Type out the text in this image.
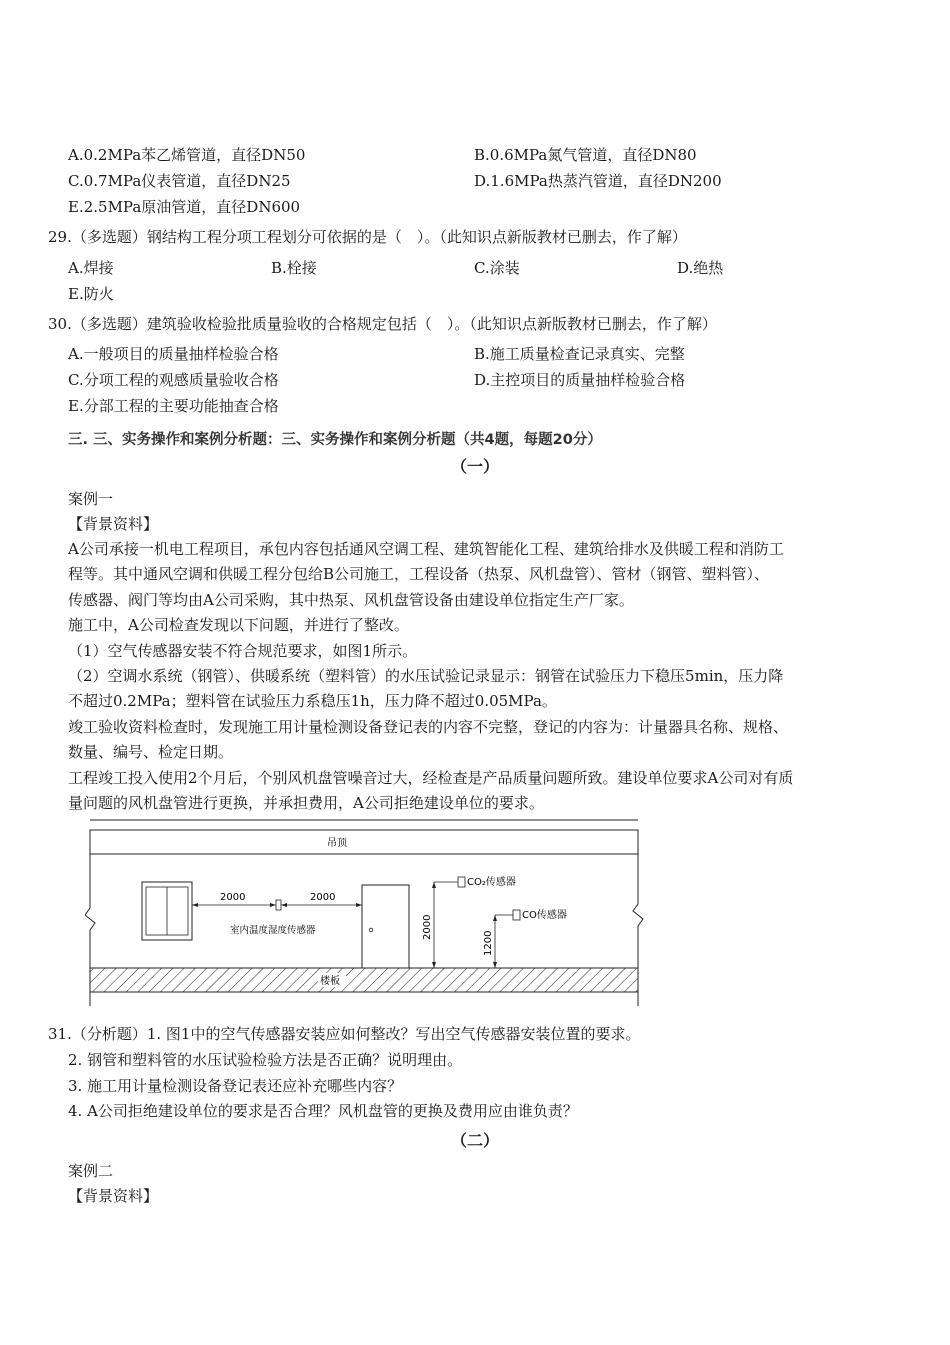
A.0.2MPa苯乙烯管道，直径DN50	B.0.6MPa氮气管道，直径DN80
C.0.7MPa仪表管道，直径DN25	D.1.6MPa热蒸汽管道，直径DN200
E.2.5MPa原油管道，直径DN600
29.（多选题）钢结构工程分项工程划分可依据的是（　）。（此知识点新版教材已删去，作了解）
A.焊接	B.栓接	C.涂装	D.绝热
E.防火
30.（多选题）建筑验收检验批质量验收的合格规定包括（　）。（此知识点新版教材已删去，作了解）
A.一般项目的质量抽样检验合格	B.施工质量检查记录真实、完整
C.分项工程的观感质量验收合格	D.主控项目的质量抽样检验合格
E.分部工程的主要功能抽查合格
三. 三、实务操作和案例分析题：三、实务操作和案例分析题（共4题，每题20分）
（一）
案例一
【背景资料】
A公司承接一机电工程项目，承包内容包括通风空调工程、建筑智能化工程、建筑给排水及供暖工程和消防工
程等。其中通风空调和供暖工程分包给B公司施工，工程设备（热泵、风机盘管）、管材（钢管、塑料管）、
传感器、阀门等均由A公司采购，其中热泵、风机盘管设备由建设单位指定生产厂家。
施工中，A公司检查发现以下问题，并进行了整改。
（1）空气传感器安装不符合规范要求，如图1所示。
（2）空调水系统（钢管）、供暖系统（塑料管）的水压试验记录显示：钢管在试验压力下稳压5min，压力降
不超过0.2MPa；塑料管在试验压力系稳压1h，压力降不超过0.05MPa。
竣工验收资料检查时，发现施工用计量检测设备登记表的内容不完整，登记的内容为：计量器具名称、规格、
数量、编号、检定日期。
工程竣工投入使用2个月后，个别风机盘管噪音过大，经检查是产品质量问题所致。建设单位要求A公司对有质
量问题的风机盘管进行更换，并承担费用，A公司拒绝建设单位的要求。
吊顶
2000	2000
室内温度湿度传感器
CO₂传感器
2000	CO传感器
1200
楼板
31.（分析题）1. 图1中的空气传感器安装应如何整改？写出空气传感器安装位置的要求。
2. 钢管和塑料管的水压试验检验方法是否正确？说明理由。
3. 施工用计量检测设备登记表还应补充哪些内容？
4. A公司拒绝建设单位的要求是否合理？风机盘管的更换及费用应由谁负责？
（二）
案例二
【背景资料】
